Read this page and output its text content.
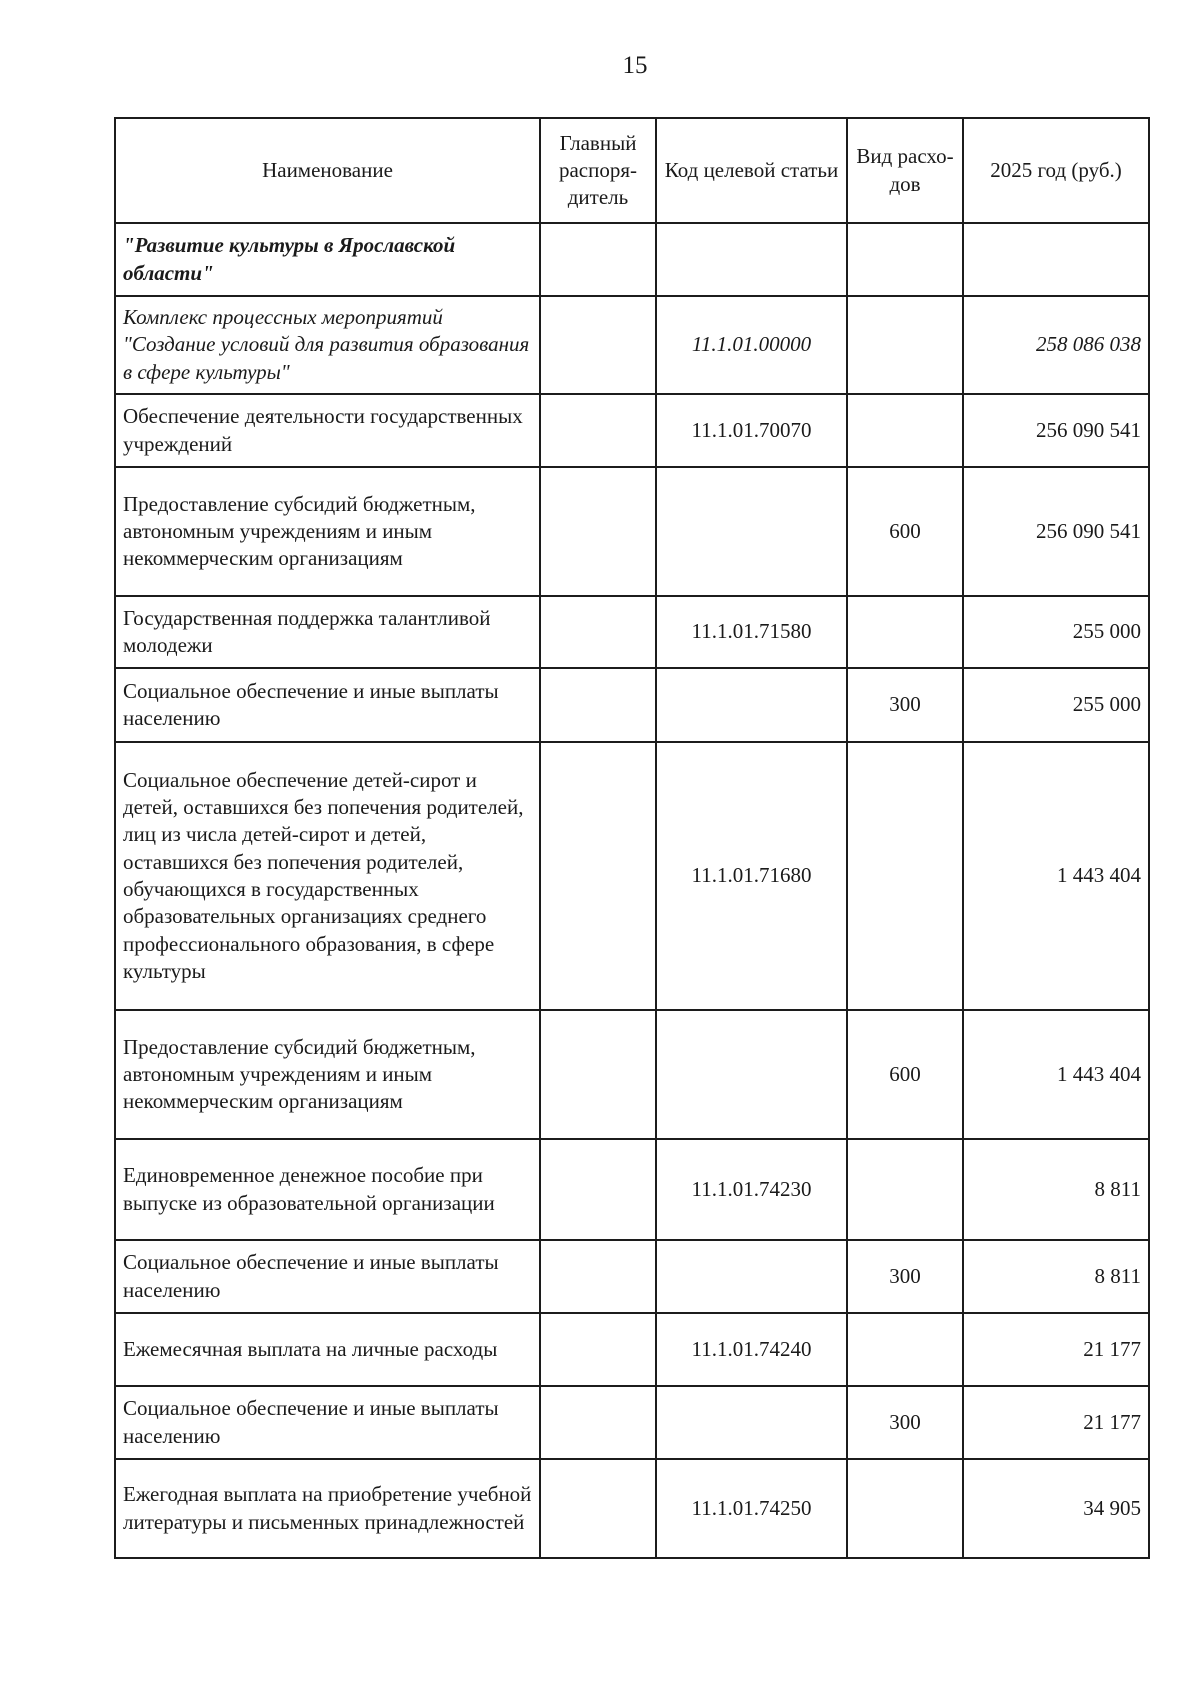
15
Наименование	Главный распоря-дитель	Код целевой статьи	Вид расхо-дов	2025 год (руб.)
"Развитие культуры в Ярославской области"				
Комплекс процессных мероприятий "Создание условий для развития образования в сфере культуры"		11.1.01.00000		258 086 038
Обеспечение деятельности государственных учреждений		11.1.01.70070		256 090 541
Предоставление субсидий бюджетным, автономным учреждениям и иным некоммерческим организациям			600	256 090 541
Государственная поддержка талантливой молодежи		11.1.01.71580		255 000
Социальное обеспечение и иные выплаты населению			300	255 000
Социальное обеспечение детей-сирот и детей, оставшихся без попечения родителей, лиц из числа детей-сирот и детей, оставшихся без попечения родителей, обучающихся в государственных образовательных организациях среднего профессионального образования, в сфере культуры		11.1.01.71680		1 443 404
Предоставление субсидий бюджетным, автономным учреждениям и иным некоммерческим организациям			600	1 443 404
Единовременное денежное пособие при выпуске из образовательной организации		11.1.01.74230		8 811
Социальное обеспечение и иные выплаты населению			300	8 811
Ежемесячная выплата на личные расходы		11.1.01.74240		21 177
Социальное обеспечение и иные выплаты населению			300	21 177
Ежегодная выплата на приобретение учебной литературы и письменных принадлежностей		11.1.01.74250		34 905
